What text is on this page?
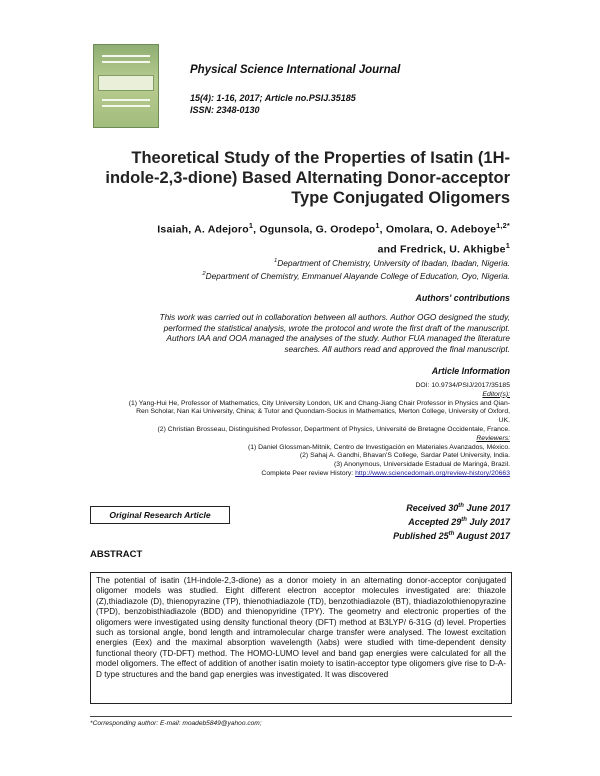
Physical Science International Journal
15(4): 1-16, 2017; Article no.PSIJ.35185
ISSN: 2348-0130
Theoretical Study of the Properties of Isatin (1H-
indole-2,3-dione) Based Alternating Donor-acceptor
Type Conjugated Oligomers
Isaiah, A. Adejoro$^1$, Ogunsola, G. Orodepo$^1$, Omolara, O. Adeboye$^{1,2*}$
and Fredrick, U. Akhigbe$^1$
$^1$Department of Chemistry, University of Ibadan, Ibadan, Nigeria.
$^2$Department of Chemistry, Emmanuel Alayande College of Education, Oyo, Nigeria.
Authors' contributions
This work was carried out in collaboration between all authors. Author OGO designed the study,
performed the statistical analysis, wrote the protocol and wrote the first draft of the manuscript.
Authors IAA and OOA managed the analyses of the study. Author FUA managed the literature
searches. All authors read and approved the final manuscript.
Article Information
DOI: 10.9734/PSIJ/2017/35185
Editor(s):
(1) Yang-Hui He, Professor of Mathematics, City University London, UK and Chang-Jiang Chair Professor in Physics and Qian-
Ren Scholar, Nan Kai University, China; & Tutor and Quondam-Socius in Mathematics, Merton College, University of Oxford,
UK.
(2) Christian Brosseau, Distinguished Professor, Department of Physics, Université de Bretagne Occidentale, France.
Reviewers:
(1) Daniel Glossman-Mitnik, Centro de Investigación en Materiales Avanzados, México.
(2) Sahaj A. Gandhi, Bhavan'S College, Sardar Patel University, India.
(3) Anonymous, Universidade Estadual de Maringá, Brazil.
Complete Peer review History: http://www.sciencedomain.org/review-history/20663
Original Research Article
Received 30th June 2017
Accepted 29th July 2017
Published 25th August 2017
ABSTRACT
The potential of isatin (1H-indole-2,3-dione) as a donor moiety in an alternating donor-acceptor conjugated oligomer models was studied. Eight different electron acceptor molecules investigated are: thiazole (Z),thiadiazole (D), thienopyrazine (TP), thienothiadiazole (TD), benzothiadiazole (BT), thiadiazolothienopyrazine (TPD), benzobisthiadiazole (BDD) and thienopyridine (TPY). The geometry and electronic properties of the oligomers were investigated using density functional theory (DFT) method at B3LYP/ 6-31G (d) level. Properties such as torsional angle, bond length and intramolecular charge transfer were analysed. The lowest excitation energies (Eex) and the maximal absorption wavelength (λabs) were studied with time-dependent density functional theory (TD-DFT) method. The HOMO-LUMO level and band gap energies were calculated for all the model oligomers. The effect of addition of another isatin moiety to isatin-acceptor type oligomers give rise to D-A-D type structures and the band gap energies was investigated. It was discovered
*Corresponding author: E-mail: moadeb5849@yahoo.com;
